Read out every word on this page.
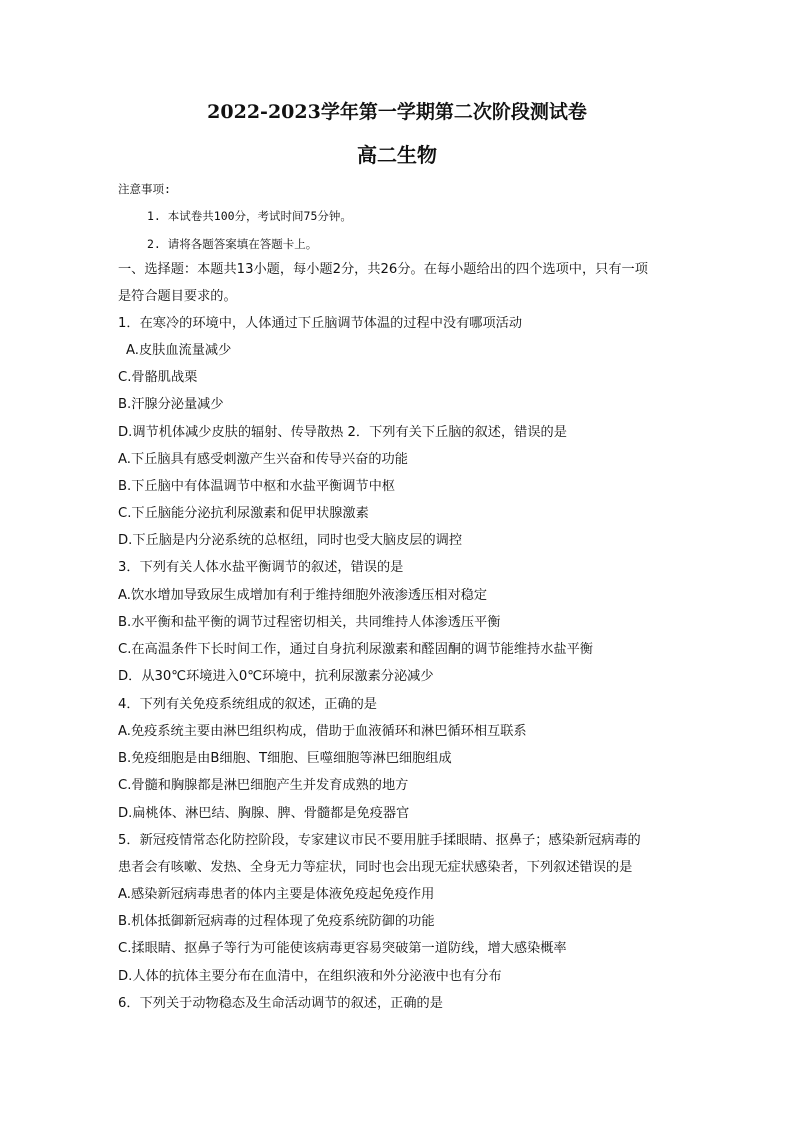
2022-2023学年第一学期第二次阶段测试卷
高二生物
注意事项:
1. 本试卷共100分，考试时间75分钟。
2. 请将各题答案填在答题卡上。
一、选择题：本题共13小题，每小题2分，共26分。在每小题给出的四个选项中，只有一项
是符合题目要求的。
1．在寒冷的环境中，人体通过下丘脑调节体温的过程中没有哪项活动
A.皮肤血流量减少
C.骨骼肌战栗
B.汗腺分泌量减少
D.调节机体减少皮肤的辐射、传导散热 2．下列有关下丘脑的叙述，错误的是
A.下丘脑具有感受刺激产生兴奋和传导兴奋的功能
B.下丘脑中有体温调节中枢和水盐平衡调节中枢
C.下丘脑能分泌抗利尿激素和促甲状腺激素
D.下丘脑是内分泌系统的总枢纽，同时也受大脑皮层的调控
3．下列有关人体水盐平衡调节的叙述，错误的是
A.饮水增加导致尿生成增加有利于维持细胞外液渗透压相对稳定
B.水平衡和盐平衡的调节过程密切相关，共同维持人体渗透压平衡
C.在高温条件下长时间工作，通过自身抗利尿激素和醛固酮的调节能维持水盐平衡
D．从30℃环境进入0℃环境中，抗利尿激素分泌减少
4．下列有关免疫系统组成的叙述，正确的是
A.免疫系统主要由淋巴组织构成，借助于血液循环和淋巴循环相互联系
B.免疫细胞是由B细胞、T细胞、巨噬细胞等淋巴细胞组成
C.骨髓和胸腺都是淋巴细胞产生并发育成熟的地方
D.扁桃体、淋巴结、胸腺、脾、骨髓都是免疫器官
5．新冠疫情常态化防控阶段，专家建议市民不要用脏手揉眼睛、抠鼻子；感染新冠病毒的
患者会有咳嗽、发热、全身无力等症状，同时也会出现无症状感染者，下列叙述错误的是
A.感染新冠病毒患者的体内主要是体液免疫起免疫作用
B.机体抵御新冠病毒的过程体现了免疫系统防御的功能
C.揉眼睛、抠鼻子等行为可能使该病毒更容易突破第一道防线，增大感染概率
D.人体的抗体主要分布在血清中，在组织液和外分泌液中也有分布
6．下列关于动物稳态及生命活动调节的叙述，正确的是
